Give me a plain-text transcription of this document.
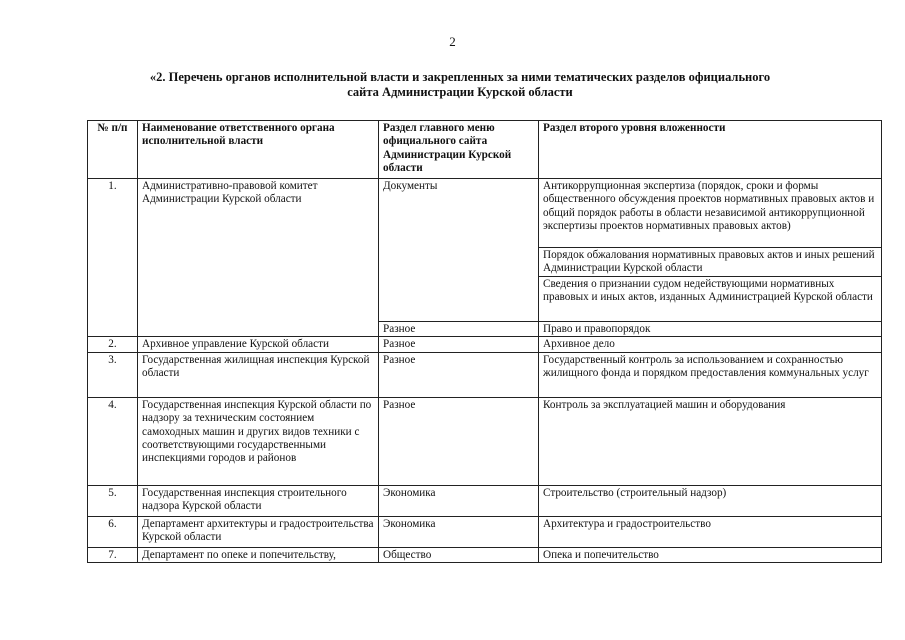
2
«2. Перечень органов исполнительной власти и закрепленных за ними тематических разделов официального
сайта Администрации Курской области
№ п/п	Наименование ответственного органа исполнительной власти	Раздел главного меню официального сайта Администрации Курской области	Раздел второго уровня вложенности
1.	Административно-правовой комитет Администрации Курской области	Документы	Антикоррупционная экспертиза (порядок, сроки и формы общественного обсуждения проектов нормативных правовых актов и общий порядок работы в области независимой антикоррупционной экспертизы проектов нормативных правовых актов)
			Порядок обжалования нормативных правовых актов и иных решений Администрации Курской области
			Сведения о признании судом недействующими нормативных правовых и иных актов, изданных Администрацией Курской области
		Разное	Право и правопорядок
2.	Архивное управление Курской области	Разное	Архивное дело
3.	Государственная жилищная инспекция Курской области	Разное	Государственный контроль за использованием и сохранностью жилищного фонда и порядком предоставления коммунальных услуг
4.	Государственная инспекция Курской области по надзору за техническим состоянием самоходных машин и других видов техники с соответствующими государственными инспекциями городов и районов	Разное	Контроль за эксплуатацией машин и оборудования
5.	Государственная инспекция строительного надзора Курской области	Экономика	Строительство (строительный надзор)
6.	Департамент архитектуры и градостроительства Курской области	Экономика	Архитектура и градостроительство
7.	Департамент по опеке и попечительству,	Общество	Опека и попечительство
